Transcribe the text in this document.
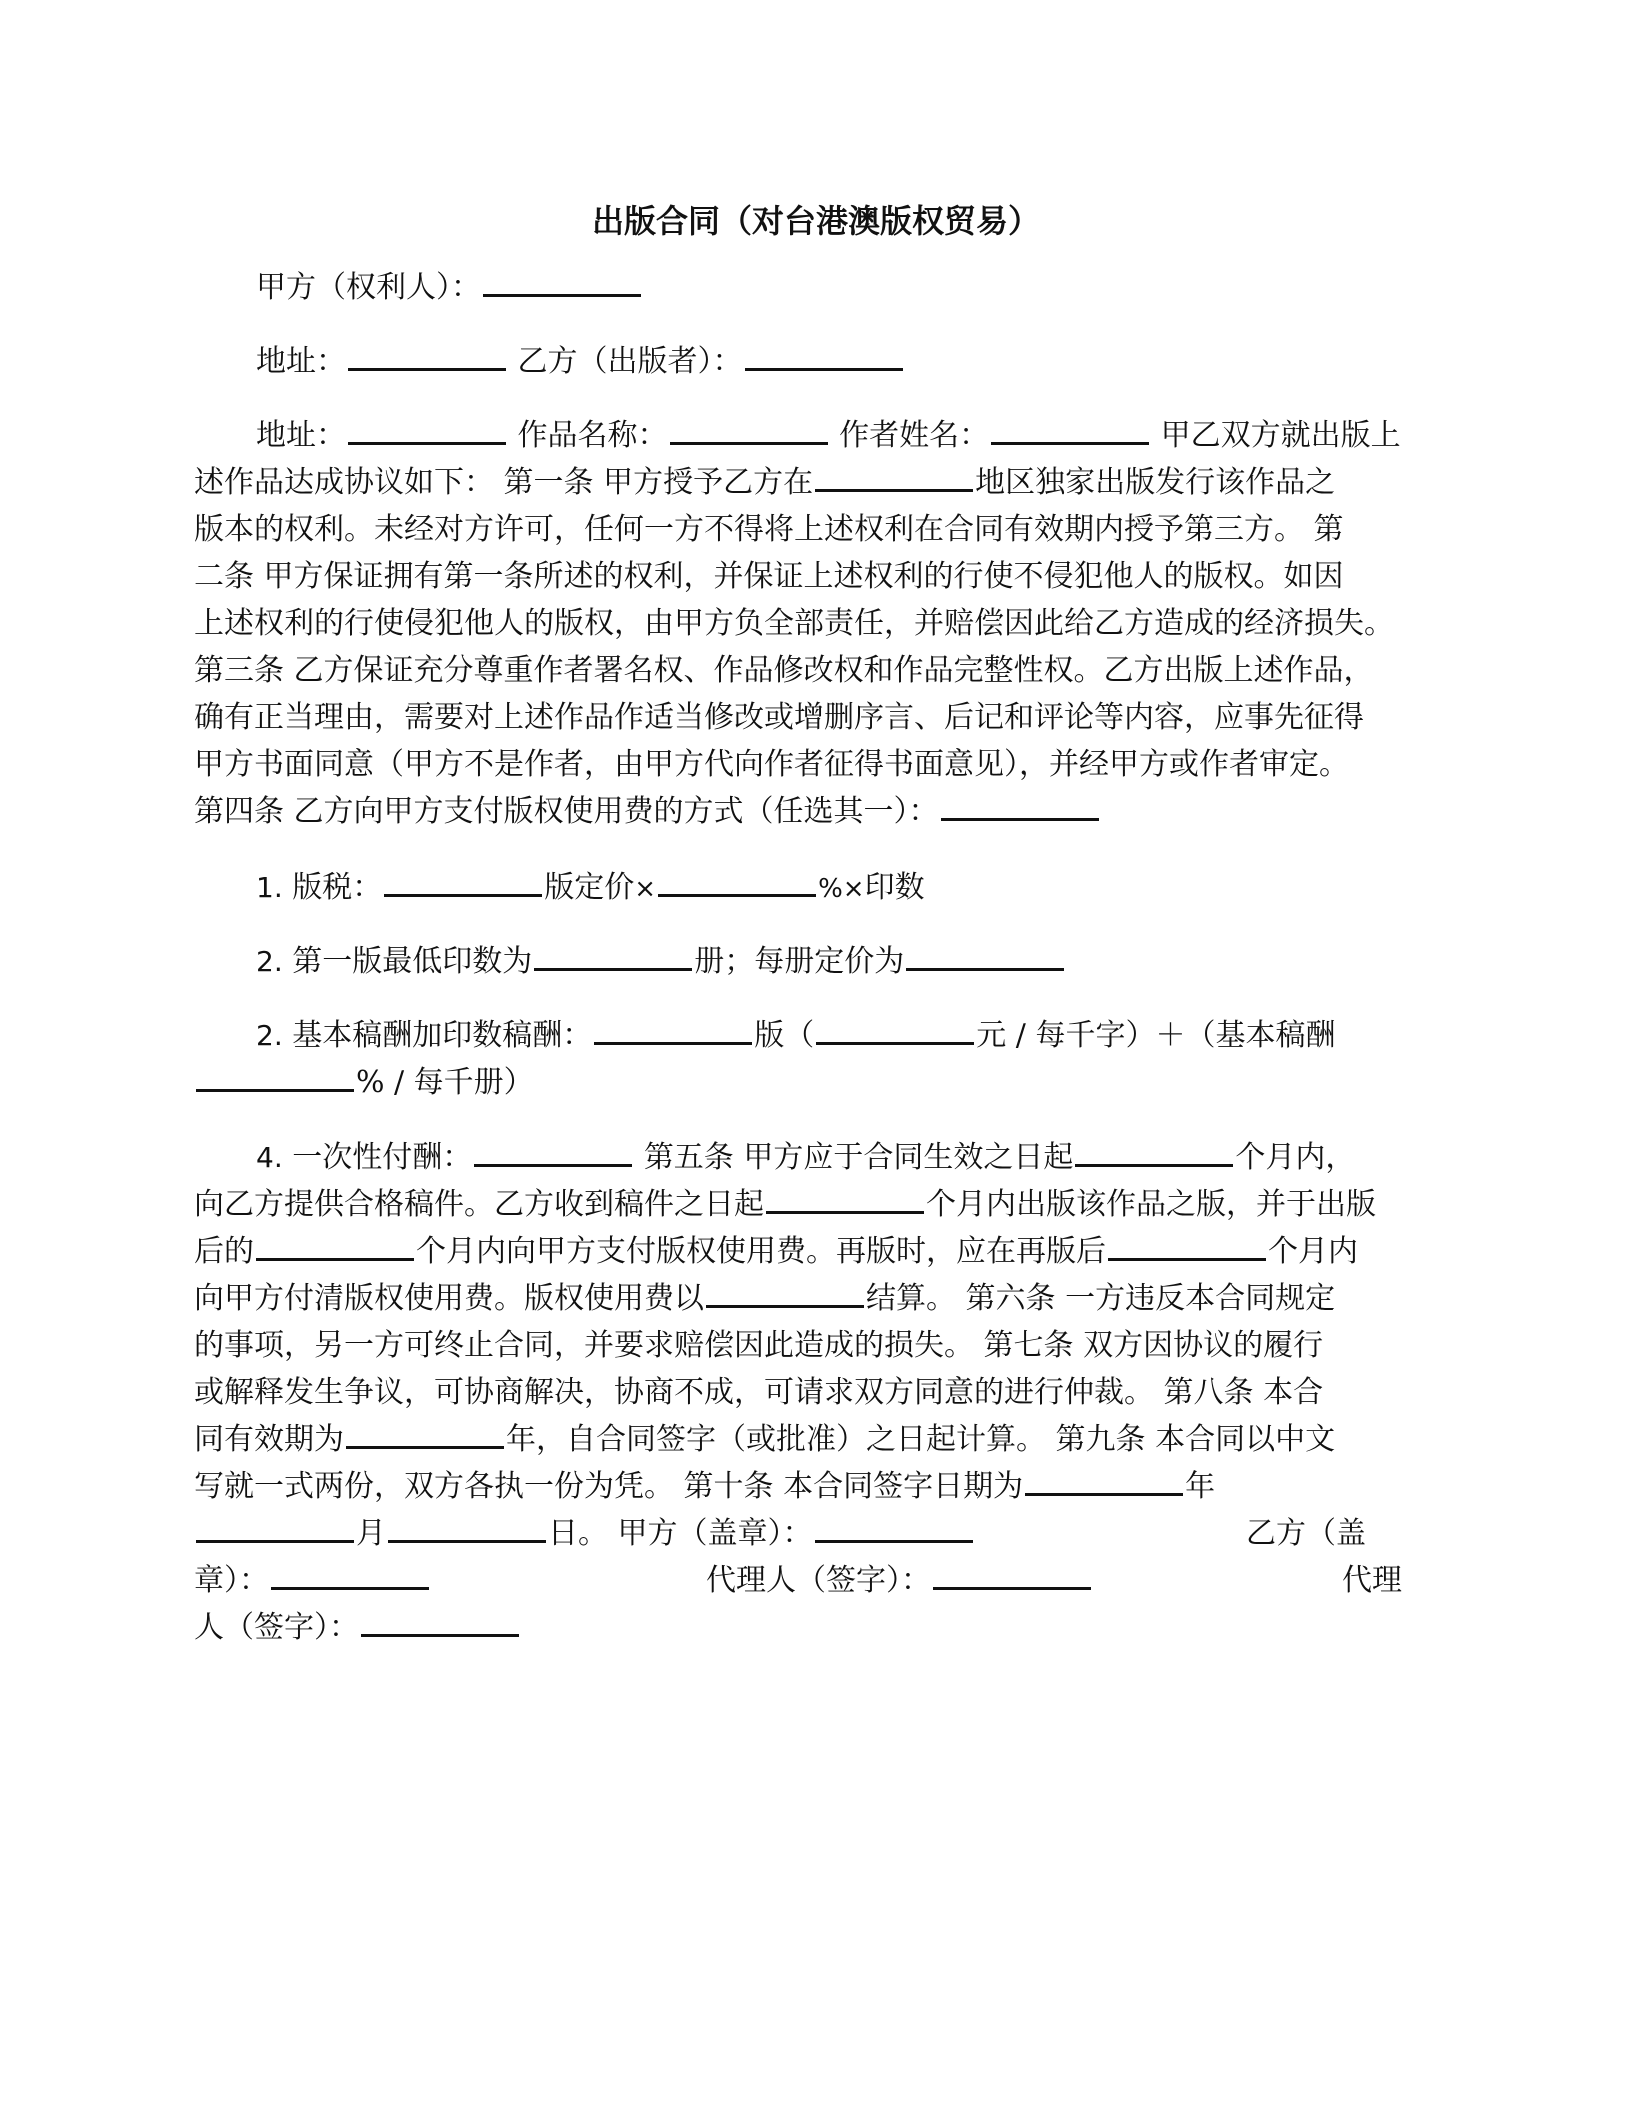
出版合同（对台港澳版权贸易）
甲方（权利人）：
地址：	乙方（出版者）：
地址：	作品名称：	作者姓名：	甲乙双方就出版上
述作品达成协议如下： 第一条 甲方授予乙方在	地区独家出版发行该作品之
版本的权利。未经对方许可，任何一方不得将上述权利在合同有效期内授予第三方。 第
二条 甲方保证拥有第一条所述的权利，并保证上述权利的行使不侵犯他人的版权。如因
上述权利的行使侵犯他人的版权，由甲方负全部责任，并赔偿因此给乙方造成的经济损失。
第三条 乙方保证充分尊重作者署名权、作品修改权和作品完整性权。乙方出版上述作品，
确有正当理由，需要对上述作品作适当修改或增删序言、后记和评论等内容，应事先征得
甲方书面同意（甲方不是作者，由甲方代向作者征得书面意见），并经甲方或作者审定。
第四条 乙方向甲方支付版权使用费的方式（任选其一）：
1. 版税：	版定价×	%×印数
2. 第一版最低印数为	册；每册定价为
2. 基本稿酬加印数稿酬：	版（	元 / 每千字）＋（基本稿酬
% / 每千册）
4. 一次性付酬：	第五条 甲方应于合同生效之日起	个月内，
向乙方提供合格稿件。乙方收到稿件之日起	个月内出版该作品之版，并于出版
后的	个月内向甲方支付版权使用费。再版时，应在再版后	个月内
向甲方付清版权使用费。版权使用费以	结算。 第六条 一方违反本合同规定
的事项，另一方可终止合同，并要求赔偿因此造成的损失。 第七条 双方因协议的履行
或解释发生争议，可协商解决，协商不成，可请求双方同意的进行仲裁。 第八条 本合
同有效期为	年，自合同签字（或批准）之日起计算。 第九条 本合同以中文
写就一式两份，双方各执一份为凭。 第十条 本合同签字日期为	年
月	日。 甲方（盖章）：	乙方（盖
章）：	代理人（签字）：	代理
人（签字）：
